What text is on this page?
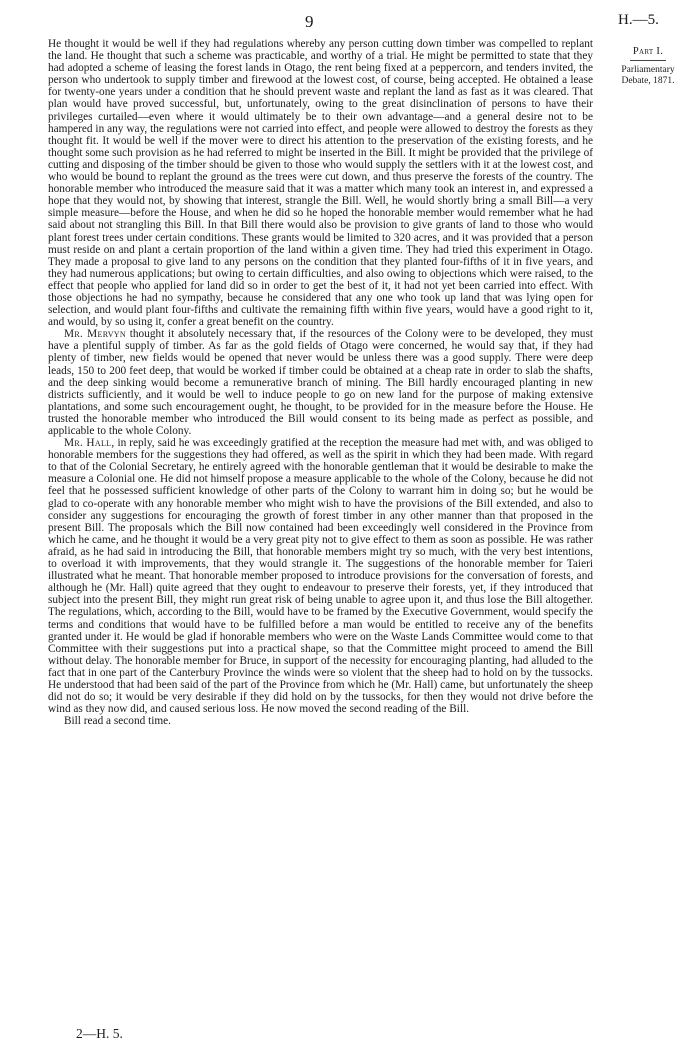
9	H.—5.
Part I.
Parliamentary Debate, 1871.

He thought it would be well if they had regulations whereby any person cutting down timber was compelled to replant the land. He thought that such a scheme was practicable, and worthy of a trial. He might be permitted to state that they had adopted a scheme of leasing the forest lands in Otago, the rent being fixed at a peppercorn, and tenders invited, the person who undertook to supply timber and firewood at the lowest cost, of course, being accepted. He obtained a lease for twenty-one years under a condition that he should prevent waste and replant the land as fast as it was cleared. That plan would have proved successful, but, unfortunately, owing to the great disinclination of persons to have their privileges curtailed—even where it would ultimately be to their own advantage—and a general desire not to be hampered in any way, the regulations were not carried into effect, and people were allowed to destroy the forests as they thought fit. It would be well if the mover were to direct his attention to the preservation of the existing forests, and he thought some such provision as he had referred to might be inserted in the Bill. It might be provided that the privilege of cutting and disposing of the timber should be given to those who would supply the settlers with it at the lowest cost, and who would be bound to replant the ground as the trees were cut down, and thus preserve the forests of the country. The honorable member who introduced the measure said that it was a matter which many took an interest in, and expressed a hope that they would not, by showing that interest, strangle the Bill. Well, he would shortly bring a small Bill—a very simple measure—before the House, and when he did so he hoped the honorable member would remember what he had said about not strangling this Bill. In that Bill there would also be provision to give grants of land to those who would plant forest trees under certain conditions. These grants would be limited to 320 acres, and it was provided that a person must reside on and plant a certain proportion of the land within a given time. They had tried this experiment in Otago. They made a proposal to give land to any persons on the condition that they planted four-fifths of it in five years, and they had numerous applications; but owing to certain difficulties, and also owing to objections which were raised, to the effect that people who applied for land did so in order to get the best of it, it had not yet been carried into effect. With those objections he had no sympathy, because he considered that any one who took up land that was lying open for selection, and would plant four-fifths and cultivate the remaining fifth within five years, would have a good right to it, and would, by so using it, confer a great benefit on the country.

Mr. Mervyn thought it absolutely necessary that, if the resources of the Colony were to be developed, they must have a plentiful supply of timber. As far as the gold fields of Otago were concerned, he would say that, if they had plenty of timber, new fields would be opened that never would be unless there was a good supply. There were deep leads, 150 to 200 feet deep, that would be worked if timber could be obtained at a cheap rate in order to slab the shafts, and the deep sinking would become a remunerative branch of mining. The Bill hardly encouraged planting in new districts sufficiently, and it would be well to induce people to go on new land for the purpose of making extensive plantations, and some such encouragement ought, he thought, to be provided for in the measure before the House. He trusted the honorable member who introduced the Bill would consent to its being made as perfect as possible, and applicable to the whole Colony.

Mr. Hall, in reply, said he was exceedingly gratified at the reception the measure had met with, and was obliged to honorable members for the suggestions they had offered, as well as the spirit in which they had been made. With regard to that of the Colonial Secretary, he entirely agreed with the honorable gentleman that it would be desirable to make the measure a Colonial one. He did not himself propose a measure applicable to the whole of the Colony, because he did not feel that he possessed sufficient knowledge of other parts of the Colony to warrant him in doing so; but he would be glad to co-operate with any honorable member who might wish to have the provisions of the Bill extended, and also to consider any suggestions for encouraging the growth of forest timber in any other manner than that proposed in the present Bill. The proposals which the Bill now contained had been exceedingly well considered in the Province from which he came, and he thought it would be a very great pity not to give effect to them as soon as possible. He was rather afraid, as he had said in introducing the Bill, that honorable members might try so much, with the very best intentions, to overload it with improvements, that they would strangle it. The suggestions of the honorable member for Taieri illustrated what he meant. That honorable member proposed to introduce provisions for the conversation of forests, and although he (Mr. Hall) quite agreed that they ought to endeavour to preserve their forests, yet, if they introduced that subject into the present Bill, they might run great risk of being unable to agree upon it, and thus lose the Bill altogether. The regulations, which, according to the Bill, would have to be framed by the Executive Government, would specify the terms and conditions that would have to be fulfilled before a man would be entitled to receive any of the benefits granted under it. He would be glad if honorable members who were on the Waste Lands Committee would come to that Committee with their suggestions put into a practical shape, so that the Committee might proceed to amend the Bill without delay. The honorable member for Bruce, in support of the necessity for encouraging planting, had alluded to the fact that in one part of the Canterbury Province the winds were so violent that the sheep had to hold on by the tussocks. He understood that had been said of the part of the Province from which he (Mr. Hall) came, but unfortunately the sheep did not do so; it would be very desirable if they did hold on by the tussocks, for then they would not drive before the wind as they now did, and caused serious loss. He now moved the second reading of the Bill.

Bill read a second time.

2—H. 5.
